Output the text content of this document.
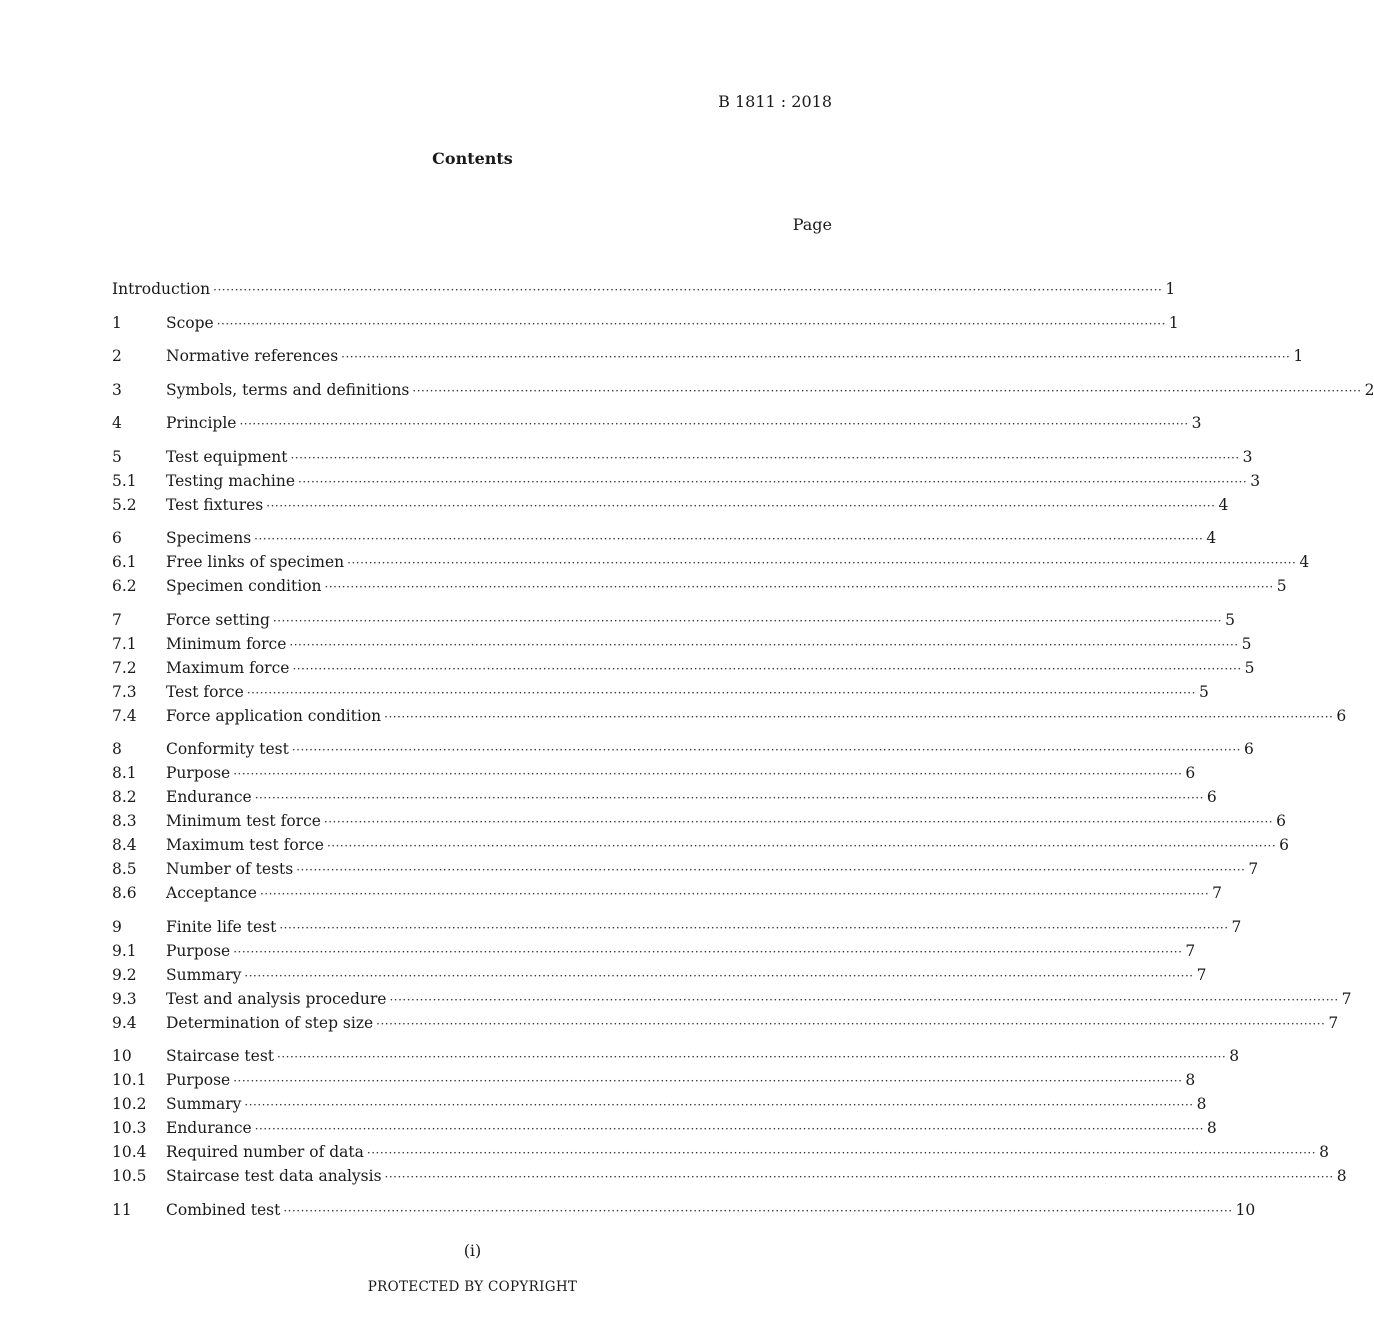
B 1811 : 2018
Contents
Page
Introduction ···························································································································································································································· 1
1	Scope ···························································································································································································································· 1
2	Normative references ···························································································································································································································· 1
3	Symbols, terms and definitions ···························································································································································································································· 2
4	Principle ···························································································································································································································· 3
5	Test equipment ···························································································································································································································· 3
5.1 Testing machine ···························································································································································································································· 3
5.2 Test fixtures ···························································································································································································································· 4
6	Specimens ···························································································································································································································· 4
6.1 Free links of specimen ···························································································································································································································· 4
6.2 Specimen condition ···························································································································································································································· 5
7	Force setting ···························································································································································································································· 5
7.1 Minimum force ···························································································································································································································· 5
7.2 Maximum force ···························································································································································································································· 5
7.3 Test force ···························································································································································································································· 5
7.4 Force application condition ···························································································································································································································· 6
8	Conformity test ···························································································································································································································· 6
8.1 Purpose ···························································································································································································································· 6
8.2 Endurance ···························································································································································································································· 6
8.3 Minimum test force ···························································································································································································································· 6
8.4 Maximum test force ···························································································································································································································· 6
8.5 Number of tests ···························································································································································································································· 7
8.6 Acceptance ···························································································································································································································· 7
9	Finite life test ···························································································································································································································· 7
9.1 Purpose ···························································································································································································································· 7
9.2 Summary ···························································································································································································································· 7
9.3 Test and analysis procedure ···························································································································································································································· 7
9.4 Determination of step size ···························································································································································································································· 7
10 Staircase test ···························································································································································································································· 8
10.1 Purpose ···························································································································································································································· 8
10.2 Summary ···························································································································································································································· 8
10.3 Endurance ···························································································································································································································· 8
10.4 Required number of data ···························································································································································································································· 8
10.5 Staircase test data analysis ···························································································································································································································· 8
11 Combined test ···························································································································································································································· 10
(i)
PROTECTED BY COPYRIGHT
